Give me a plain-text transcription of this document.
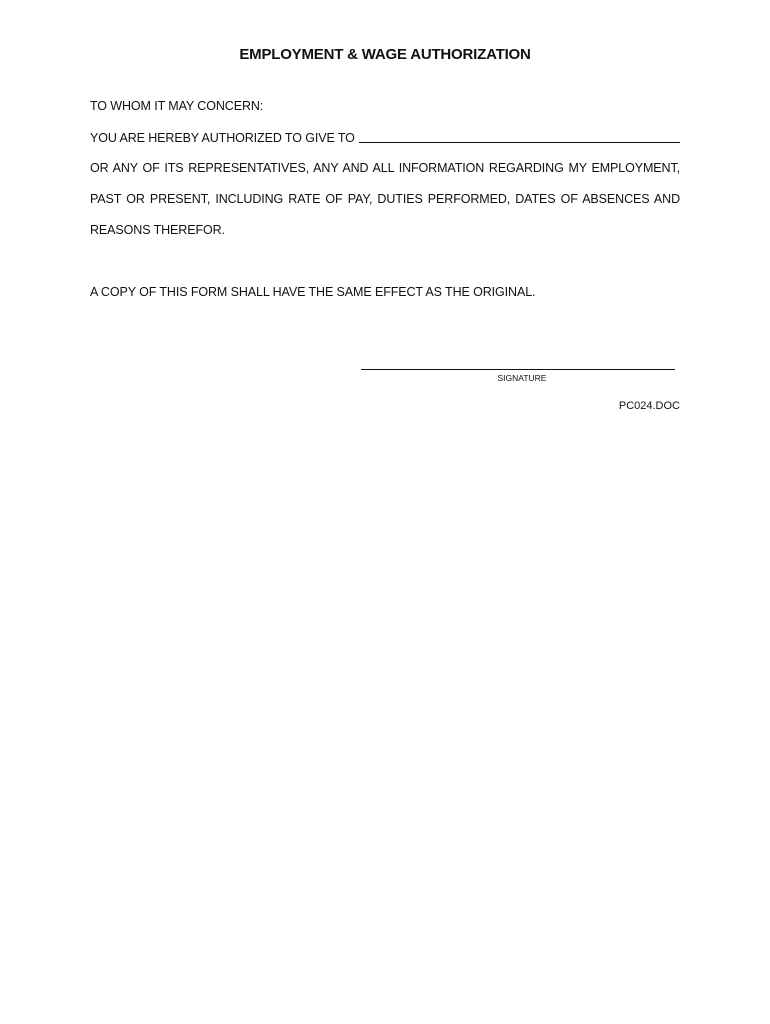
EMPLOYMENT & WAGE AUTHORIZATION
TO WHOM IT MAY CONCERN:
YOU ARE HEREBY AUTHORIZED TO GIVE TO
OR ANY OF ITS REPRESENTATIVES, ANY AND ALL INFORMATION REGARDING MY EMPLOYMENT,
PAST OR PRESENT, INCLUDING RATE OF PAY, DUTIES PERFORMED, DATES OF ABSENCES AND
REASONS THEREFOR.
A COPY OF THIS FORM SHALL HAVE THE SAME EFFECT AS THE ORIGINAL.
SIGNATURE
PC024.DOC
